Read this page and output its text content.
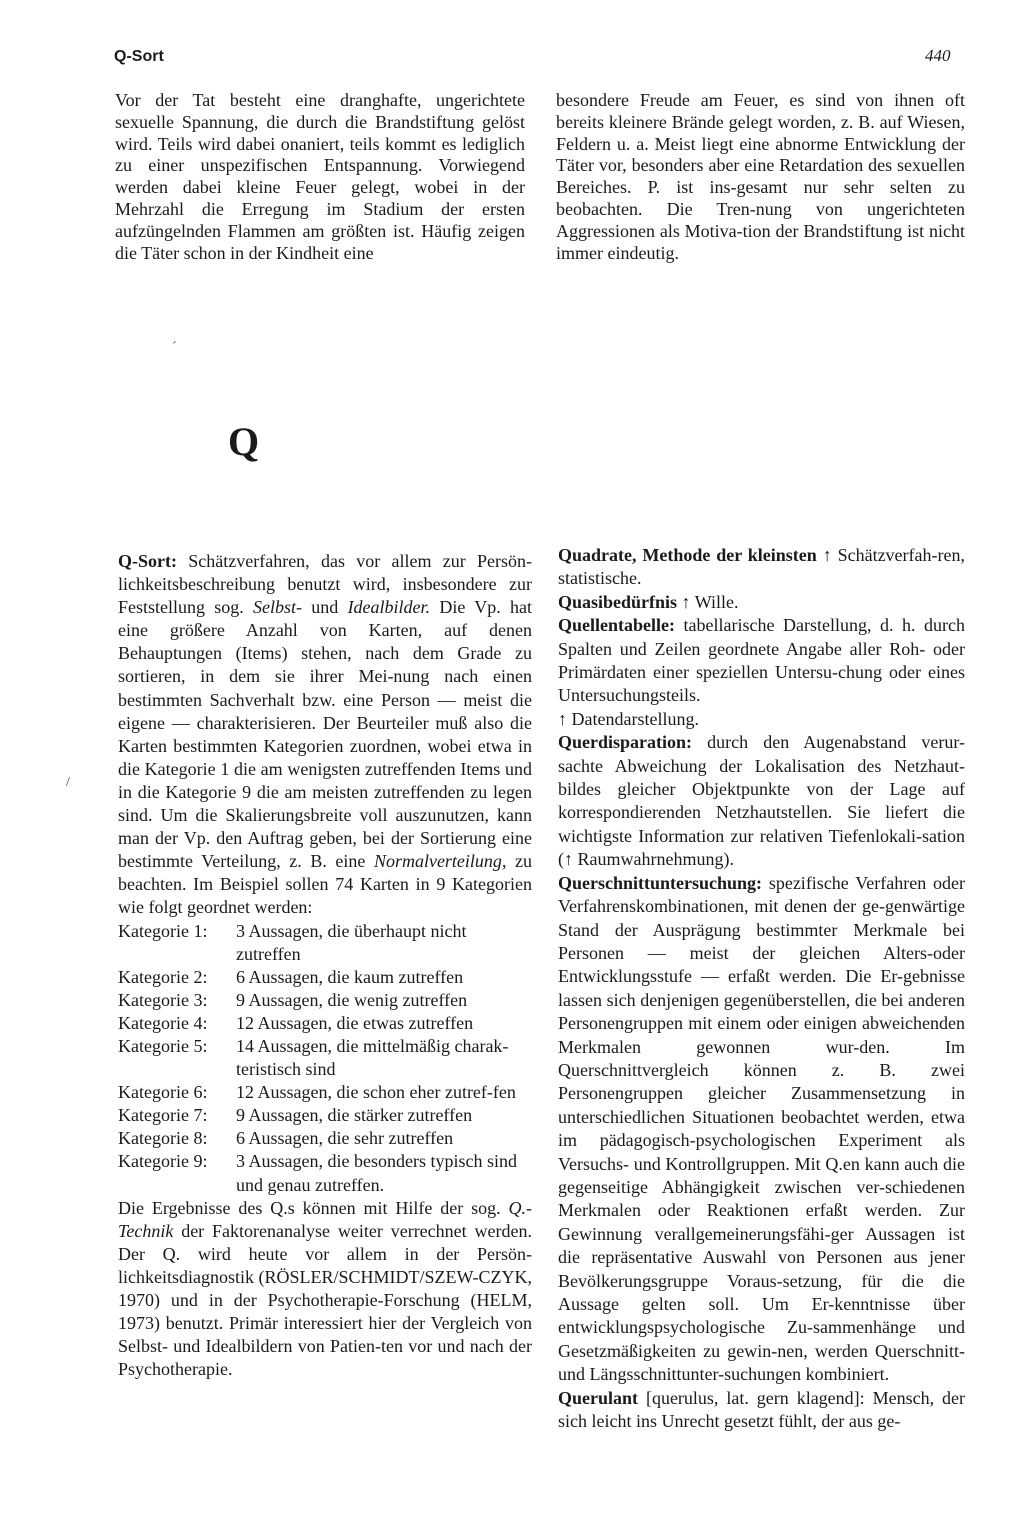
Q-Sort	440

Vor der Tat besteht eine dranghafte, ungerichtete sexuelle Spannung, die durch die Brandstiftung gelöst wird. Teils wird dabei onaniert, teils kommt es lediglich zu einer unspezifischen Entspannung. Vorwiegend werden dabei kleine Feuer gelegt, wobei in der Mehrzahl die Erregung im Stadium der ersten aufzüngelnden Flammen am größten ist. Häufig zeigen die Täter schon in der Kindheit eine

besondere Freude am Feuer, es sind von ihnen oft bereits kleinere Brände gelegt worden, z. B. auf Wiesen, Feldern u. a. Meist liegt eine abnorme Entwicklung der Täter vor, besonders aber eine Retardation des sexuellen Bereiches. P. ist ins-gesamt nur sehr selten zu beobachten. Die Tren-nung von ungerichteten Aggressionen als Motiva-tion der Brandstiftung ist nicht immer eindeutig.

ˊ
Q

Q-Sort: Schätzverfahren, das vor allem zur Persön-lichkeitsbeschreibung benutzt wird, insbesondere zur Feststellung sog. Selbst- und Idealbilder. Die Vp. hat eine größere Anzahl von Karten, auf denen Behauptungen (Items) stehen, nach dem Grade zu sortieren, in dem sie ihrer Mei-nung nach einen bestimmten Sachverhalt bzw. eine Person — meist die eigene — charakterisieren. Der Beurteiler muß also die Karten bestimmten Kategorien zuordnen, wobei etwa in die Kategorie 1 die am wenigsten zutreffenden Items und in die Kategorie 9 die am meisten zutreffenden zu legen sind. Um die Skalierungsbreite voll auszunutzen, kann man der Vp. den Auftrag geben, bei der Sortierung eine bestimmte Verteilung, z. B. eine Normalverteilung, zu beachten. Im Beispiel sollen 74 Karten in 9 Kategorien wie folgt geordnet werden:

Kategorie 1:	3 Aussagen, die überhaupt nicht zutreffen
Kategorie 2:	6 Aussagen, die kaum zutreffen
Kategorie 3:	9 Aussagen, die wenig zutreffen
Kategorie 4:	12 Aussagen, die etwas zutreffen
Kategorie 5:	14 Aussagen, die mittelmäßig charak-teristisch sind
Kategorie 6:	12 Aussagen, die schon eher zutref-fen
Kategorie 7:	9 Aussagen, die stärker zutreffen
Kategorie 8:	6 Aussagen, die sehr zutreffen
Kategorie 9:	3 Aussagen, die besonders typisch sind und genau zutreffen.

Die Ergebnisse des Q.s können mit Hilfe der sog. Q.-Technik der Faktorenanalyse weiter verrechnet werden. Der Q. wird heute vor allem in der Persön-lichkeitsdiagnostik (RÖSLER/SCHMIDT/SZEW-CZYK, 1970) und in der Psychotherapie-Forschung (HELM, 1973) benutzt. Primär interessiert hier der Vergleich von Selbst- und Idealbildern von Patien-ten vor und nach der Psychotherapie.

/

Quadrate, Methode der kleinsten ↑ Schätzverfah-ren, statistische.

Quasibedürfnis ↑ Wille.

Quellentabelle: tabellarische Darstellung, d. h. durch Spalten und Zeilen geordnete Angabe aller Roh- oder Primärdaten einer speziellen Untersu-chung oder eines Untersuchungsteils.

↑ Datendarstellung.

Querdisparation: durch den Augenabstand verur-sachte Abweichung der Lokalisation des Netzhaut-bildes gleicher Objektpunkte von der Lage auf korrespondierenden Netzhautstellen. Sie liefert die wichtigste Information zur relativen Tiefenlokali-sation (↑ Raumwahrnehmung).

Querschnittuntersuchung: spezifische Verfahren oder Verfahrenskombinationen, mit denen der ge-genwärtige Stand der Ausprägung bestimmter Merkmale bei Personen — meist der gleichen Alters-oder Entwicklungsstufe — erfaßt werden. Die Er-gebnisse lassen sich denjenigen gegenüberstellen, die bei anderen Personengruppen mit einem oder einigen abweichenden Merkmalen gewonnen wur-den. Im Querschnittvergleich können z. B. zwei Personengruppen gleicher Zusammensetzung in unterschiedlichen Situationen beobachtet werden, etwa im pädagogisch-psychologischen Experiment als Versuchs- und Kontrollgruppen. Mit Q.en kann auch die gegenseitige Abhängigkeit zwischen ver-schiedenen Merkmalen oder Reaktionen erfaßt werden. Zur Gewinnung verallgemeinerungsfähi-ger Aussagen ist die repräsentative Auswahl von Personen aus jener Bevölkerungsgruppe Voraus-setzung, für die die Aussage gelten soll. Um Er-kenntnisse über entwicklungspsychologische Zu-sammenhänge und Gesetzmäßigkeiten zu gewin-nen, werden Querschnitt- und Längsschnittunter-suchungen kombiniert.

Querulant [querulus, lat. gern klagend]: Mensch, der sich leicht ins Unrecht gesetzt fühlt, der aus ge-
